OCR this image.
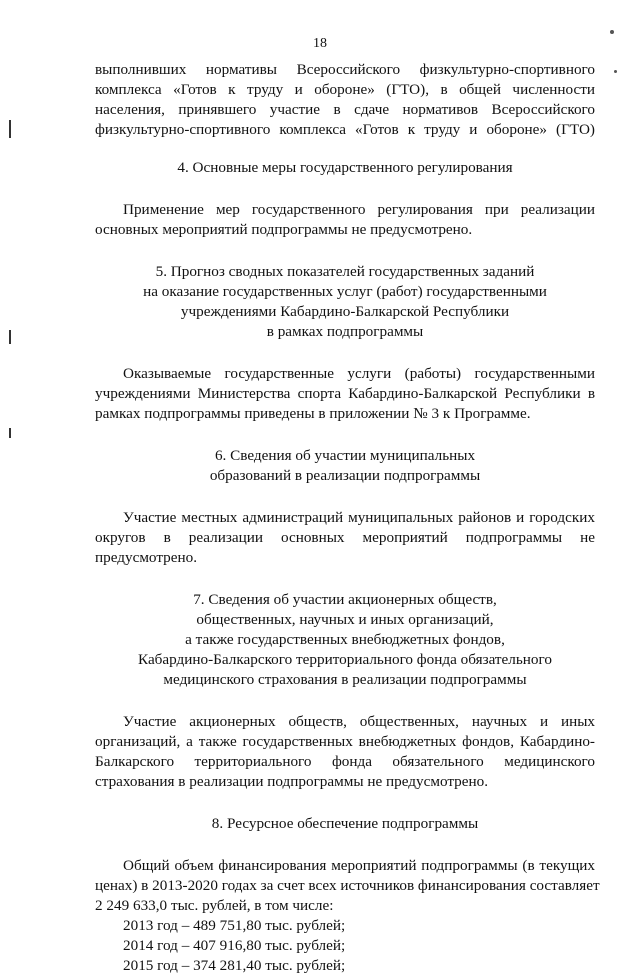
18
выполнивших нормативы Всероссийского физкультурно-спортивного
комплекса «Готов к труду и обороне» (ГТО), в общей численности
населения, принявшего участие в сдаче нормативов Всероссийского
физкультурно-спортивного комплекса «Готов к труду и обороне» (ГТО)
4. Основные меры государственного регулирования
Применение мер государственного регулирования при реализации
основных мероприятий подпрограммы не предусмотрено.
5. Прогноз сводных показателей государственных заданий
на оказание государственных услуг (работ) государственными
учреждениями Кабардино-Балкарской Республики
в рамках подпрограммы
Оказываемые государственные услуги (работы) государственными
учреждениями Министерства спорта Кабардино-Балкарской Республики в
рамках подпрограммы приведены в приложении № 3 к Программе.
6. Сведения об участии муниципальных
образований в реализации подпрограммы
Участие местных администраций муниципальных районов и городских
округов в реализации основных мероприятий подпрограммы не
предусмотрено.
7. Сведения об участии акционерных обществ,
общественных, научных и иных организаций,
а также государственных внебюджетных фондов,
Кабардино-Балкарского территориального фонда обязательного
медицинского страхования в реализации подпрограммы
Участие акционерных обществ, общественных, научных и иных
организаций, а также государственных внебюджетных фондов, Кабардино-
Балкарского территориального фонда обязательного медицинского
страхования в реализации подпрограммы не предусмотрено.
8. Ресурсное обеспечение подпрограммы
Общий объем финансирования мероприятий подпрограммы (в текущих
ценах) в 2013-2020 годах за счет всех источников финансирования составляет
2 249 633,0 тыс. рублей, в том числе:
2013 год – 489 751,80 тыс. рублей;
2014 год – 407 916,80 тыс. рублей;
2015 год – 374 281,40 тыс. рублей;
